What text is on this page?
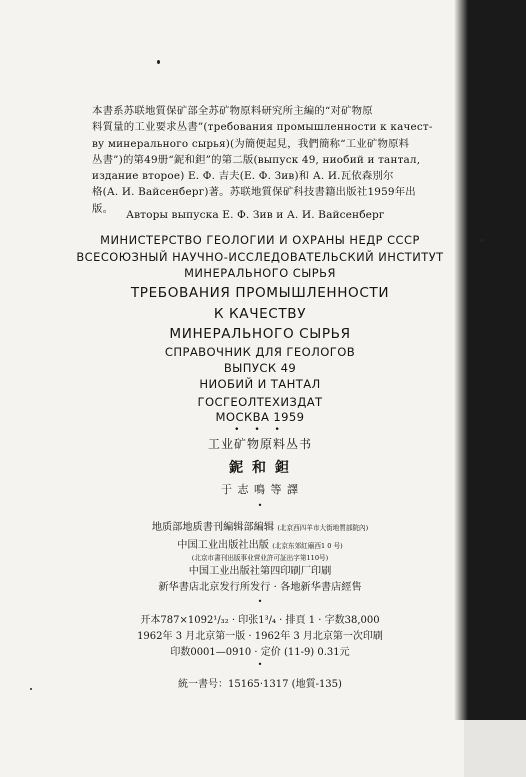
本書系苏联地質保矿部全苏矿物原料研究所主編的“对矿物原
料質量的工业要求丛書”(требования промышленности к качест-
ву минерального сырья)(为簡便起見，我們簡称“工业矿物原料
丛書”)的第49册“鈮和鉭”的第二版(выпуск 49, ниобий и тантал,
издание второе) Е. Ф. 吉夫(Е. Ф. Зив)和 А. И.瓦依森別尔
格(А. И. Вайсенберг)著。苏联地質保矿科技書籍出版社1959年出
版。
Авторы выпуска Е. Ф. Зив и А. И. Вайсенберг
МИНИСТЕРСТВО ГЕОЛОГИИ И ОХРАНЫ НЕДР СССР
ВСЕСОЮЗНЫЙ НАУЧНО-ИССЛЕДОВАТЕЛЬСКИЙ ИНСТИТУТ
МИНЕРАЛЬНОГО СЫРЬЯ
ТРЕБОВАНИЯ ПРОМЫШЛЕННОСТИ
К КАЧЕСТВУ
МИНЕРАЛЬНОГО СЫРЬЯ
СПРАВОЧНИК ДЛЯ ГЕОЛОГОВ
ВЫПУСК 49
НИОБИЙ И ТАНТАЛ
ГОСГЕОЛТЕХИЗДАТ
МОСКВА 1959
• • •
工业矿物原料丛书
鈮 和 鉭
于 志 鳴 等 譯
•
地质部地质書刊編辑部編辑 (北京西四羊市大街地質部院內)
中国工业出版社出版 (北京东郊紅廟西1 0 号)
(北京市書刊出版事业营业許可証出字第110号)
中国工业出版社第四印刷厂印刷
新华書店北京发行所发行 · 各地新华書店經售
•
开本787×1092¹/₃₂ · 印张1³/₄ · 排頁 1 · 字数38,000
1962年 3 月北京第一版 · 1962年 3 月北京第一次印刷
印数0001—0910 · 定价 (11-9) 0.31元
•
統一書号：15165·1317 (地質-135)
